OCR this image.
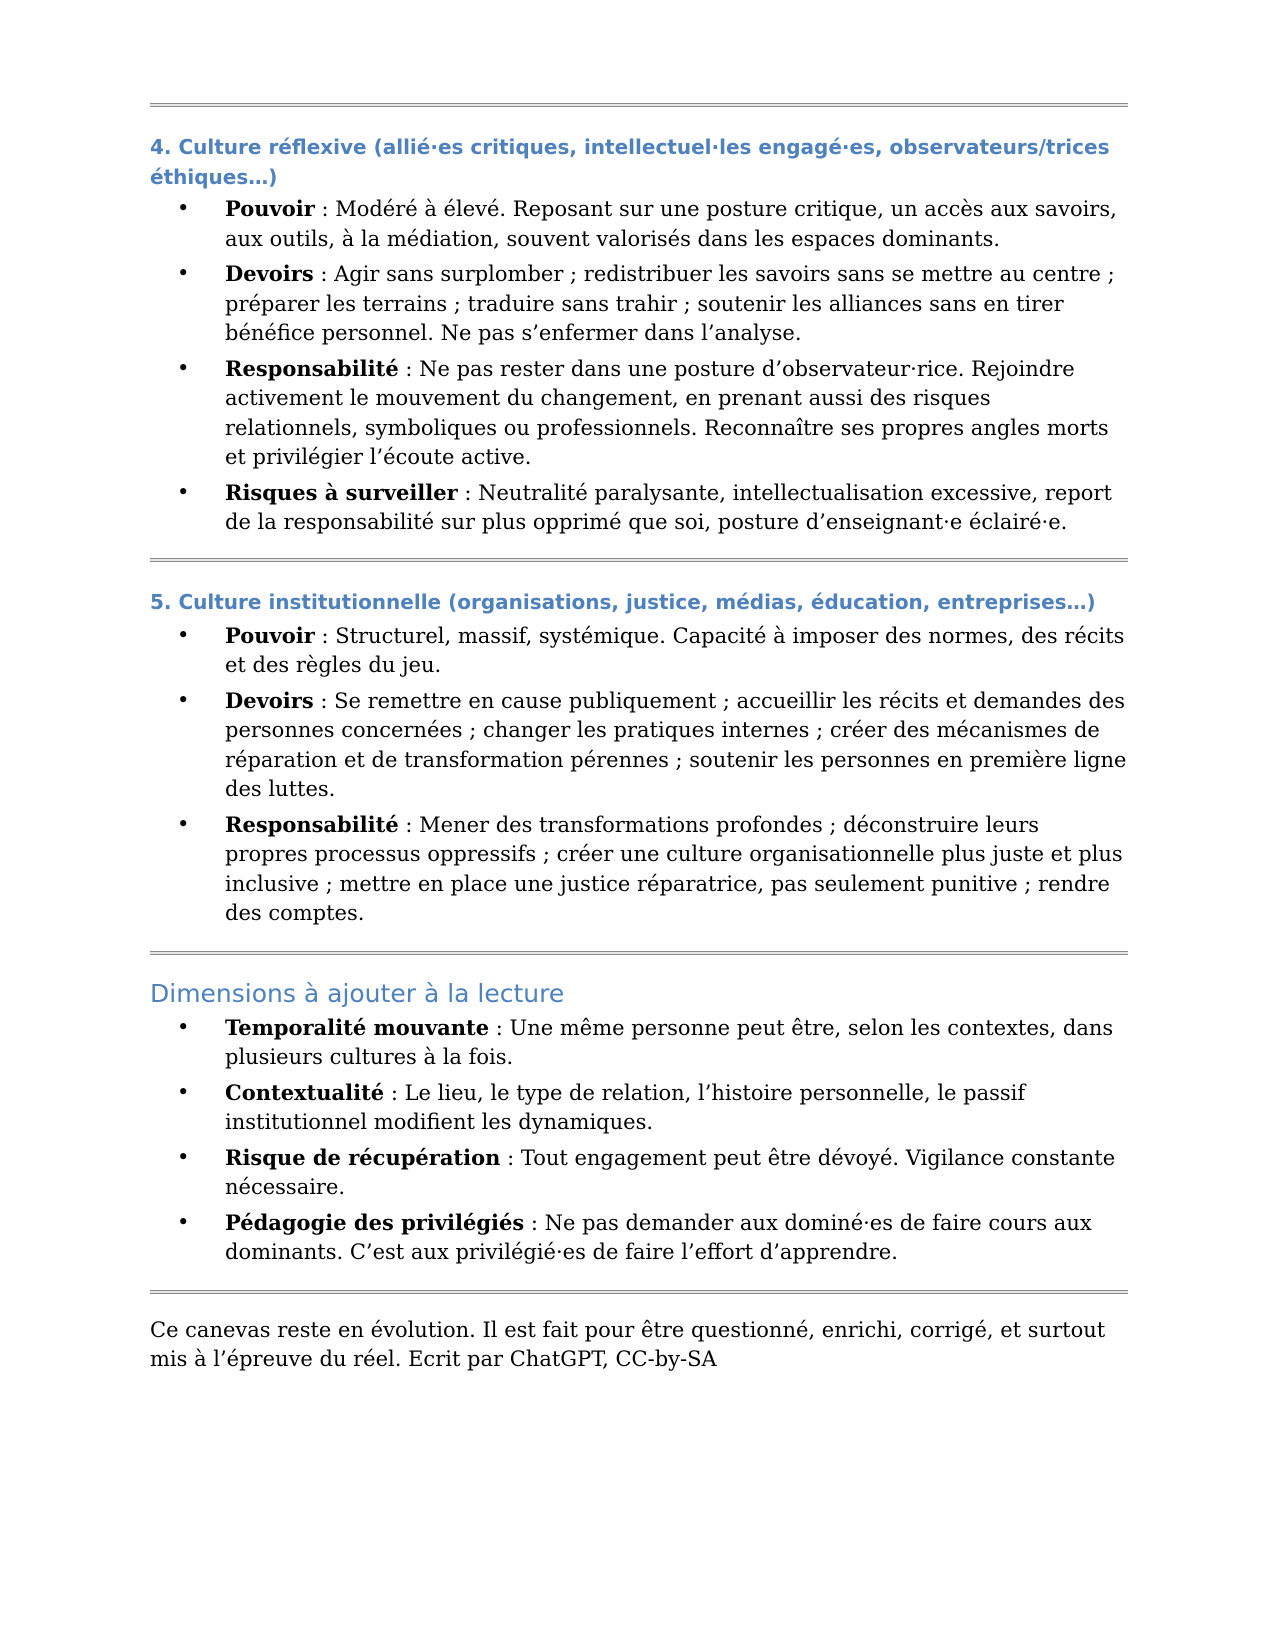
4. Culture réflexive (allié·es critiques, intellectuel·les engagé·es, observateurs/trices éthiques…)
• Pouvoir : Modéré à élevé. Reposant sur une posture critique, un accès aux savoirs, aux outils, à la médiation, souvent valorisés dans les espaces dominants.
• Devoirs : Agir sans surplomber ; redistribuer les savoirs sans se mettre au centre ; préparer les terrains ; traduire sans trahir ; soutenir les alliances sans en tirer bénéfice personnel. Ne pas s’enfermer dans l’analyse.
• Responsabilité : Ne pas rester dans une posture d’observateur·rice. Rejoindre activement le mouvement du changement, en prenant aussi des risques relationnels, symboliques ou professionnels. Reconnaître ses propres angles morts et privilégier l’écoute active.
• Risques à surveiller : Neutralité paralysante, intellectualisation excessive, report de la responsabilité sur plus opprimé que soi, posture d’enseignant·e éclairé·e.
5. Culture institutionnelle (organisations, justice, médias, éducation, entreprises…)
• Pouvoir : Structurel, massif, systémique. Capacité à imposer des normes, des récits et des règles du jeu.
• Devoirs : Se remettre en cause publiquement ; accueillir les récits et demandes des personnes concernées ; changer les pratiques internes ; créer des mécanismes de réparation et de transformation pérennes ; soutenir les personnes en première ligne des luttes.
• Responsabilité : Mener des transformations profondes ; déconstruire leurs propres processus oppressifs ; créer une culture organisationnelle plus juste et plus inclusive ; mettre en place une justice réparatrice, pas seulement punitive ; rendre des comptes.
Dimensions à ajouter à la lecture
• Temporalité mouvante : Une même personne peut être, selon les contextes, dans plusieurs cultures à la fois.
• Contextualité : Le lieu, le type de relation, l’histoire personnelle, le passif institutionnel modifient les dynamiques.
• Risque de récupération : Tout engagement peut être dévoyé. Vigilance constante nécessaire.
• Pédagogie des privilégiés : Ne pas demander aux dominé·es de faire cours aux dominants. C’est aux privilégié·es de faire l’effort d’apprendre.

Ce canevas reste en évolution. Il est fait pour être questionné, enrichi, corrigé, et surtout mis à l’épreuve du réel. Ecrit par ChatGPT, CC-by-SA
